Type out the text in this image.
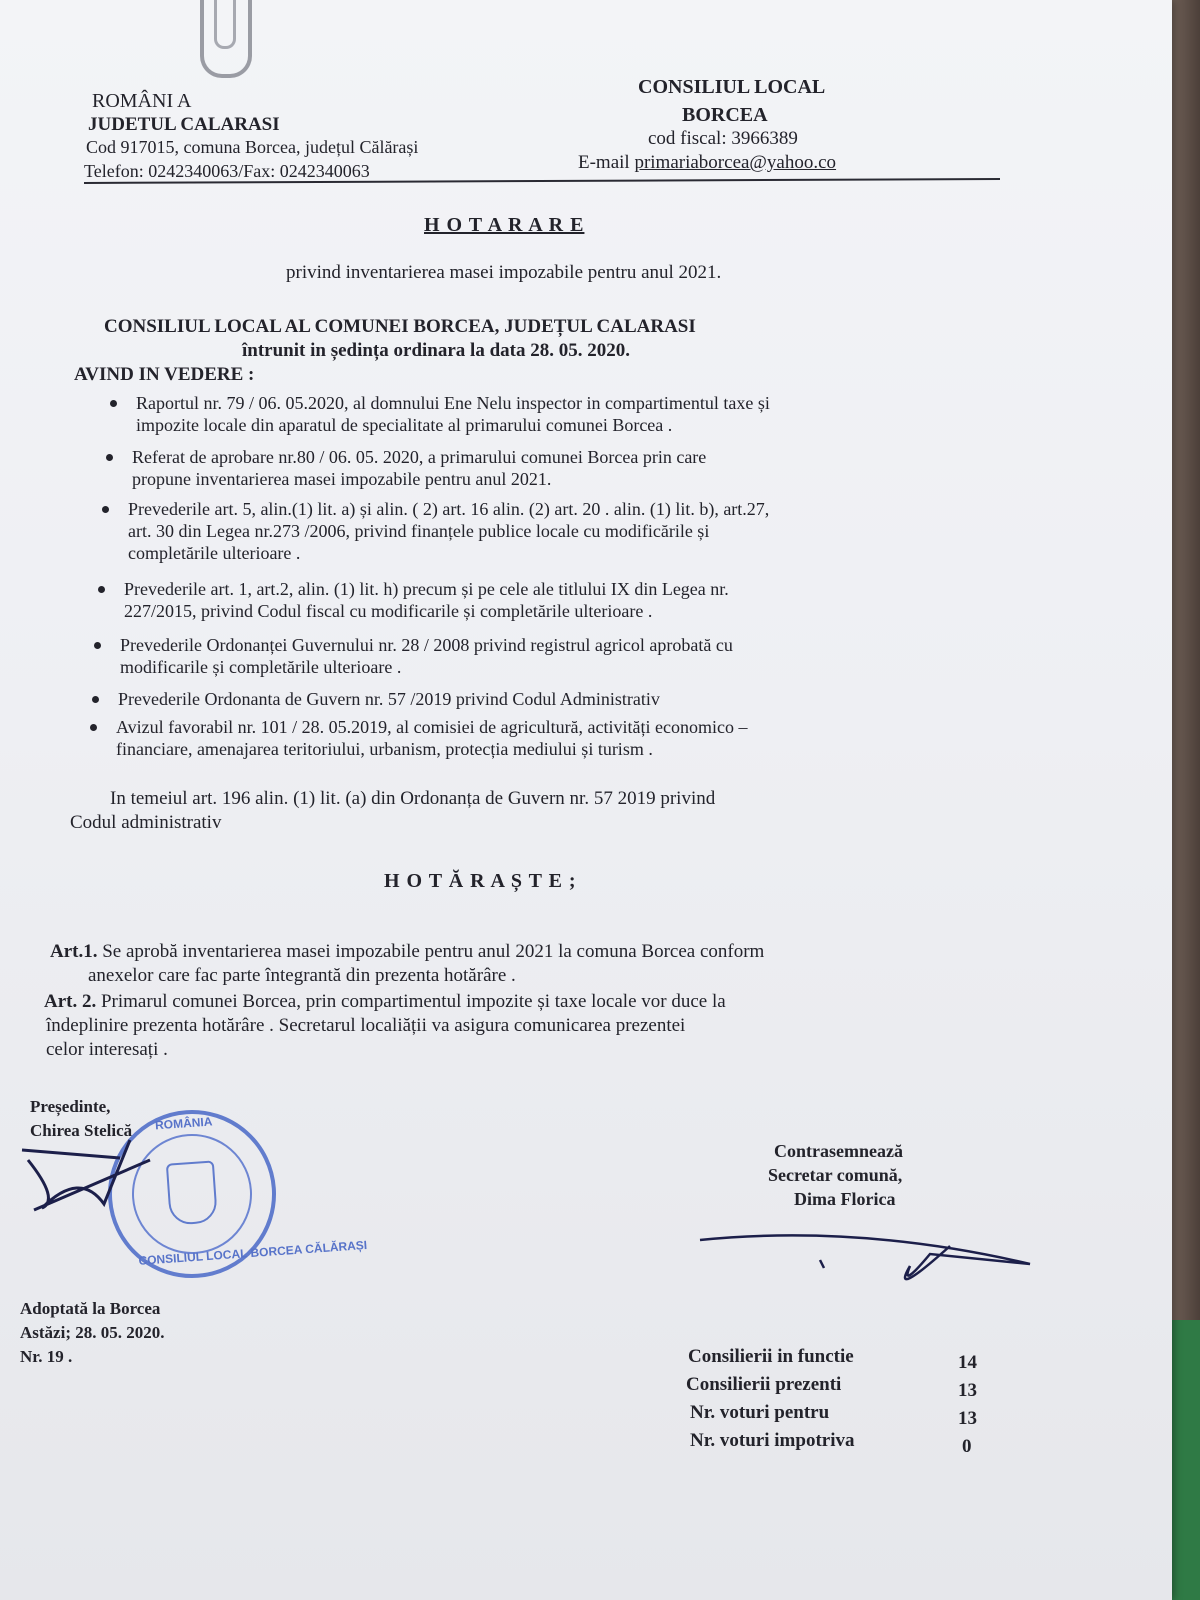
ROMÂNI A
JUDETUL CALARASI
Cod 917015, comuna Borcea, județul Călărași
Telefon: 0242340063/Fax: 0242340063
CONSILIUL LOCAL
BORCEA
cod fiscal: 3966389
E-mail primariaborcea@yahoo.co
H O T A R A R E
privind inventarierea masei impozabile pentru anul 2021.
CONSILIUL LOCAL AL COMUNEI BORCEA, JUDEȚUL CALARASI
întrunit in ședința ordinara la data 28. 05. 2020.
AVIND IN VEDERE :
Raportul nr. 79 / 06. 05.2020, al domnului Ene Nelu inspector in compartimentul taxe și
impozite locale din aparatul de specialitate al primarului comunei Borcea .
Referat de aprobare nr.80 / 06. 05. 2020, a primarului comunei Borcea prin care
propune inventarierea masei impozabile pentru anul 2021.
Prevederile art. 5, alin.(1) lit. a) și alin. ( 2) art. 16 alin. (2) art. 20 . alin. (1) lit. b), art.27,
art. 30 din Legea nr.273 /2006, privind finanțele publice locale cu modificările și
completările ulterioare .
Prevederile art. 1, art.2, alin. (1) lit. h) precum și pe cele ale titlului IX din Legea nr.
227/2015, privind Codul fiscal cu modificarile și completările ulterioare .
Prevederile Ordonanței Guvernului nr. 28 / 2008 privind registrul agricol aprobată cu
modificarile și completările ulterioare .
Prevederile Ordonanta de Guvern nr. 57 /2019 privind Codul Administrativ
Avizul favorabil nr. 101 / 28. 05.2019, al comisiei de agricultură, activități economico –
financiare, amenajarea teritoriului, urbanism, protecția mediului și turism .
In temeiul art. 196 alin. (1) lit. (a) din Ordonanța de Guvern nr. 57 2019 privind
Codul administrativ
H O T Ă R A Ș T E ;
Art.1. Se aprobă inventarierea masei impozabile pentru anul 2021 la comuna Borcea conform
anexelor care fac parte întegrantă din prezenta hotărâre .
Art. 2. Primarul comunei Borcea, prin compartimentul impozite și taxe locale vor duce la
îndeplinire prezenta hotărâre . Secretarul localiății va asigura comunicarea prezentei
celor interesați .
Președinte,
Chirea Stelică ROMÂNIA
CONSILIUL LOCAL BORCEA CĂLĂRAȘI
Contrasemnează
Secretar comună,
Dima Florica
Adoptată la Borcea
Astăzi; 28. 05. 2020.
Nr. 19 .	Consilierii in functie	14
Consilierii prezenti	13
Nr. voturi pentru	13
Nr. voturi impotriva	0
